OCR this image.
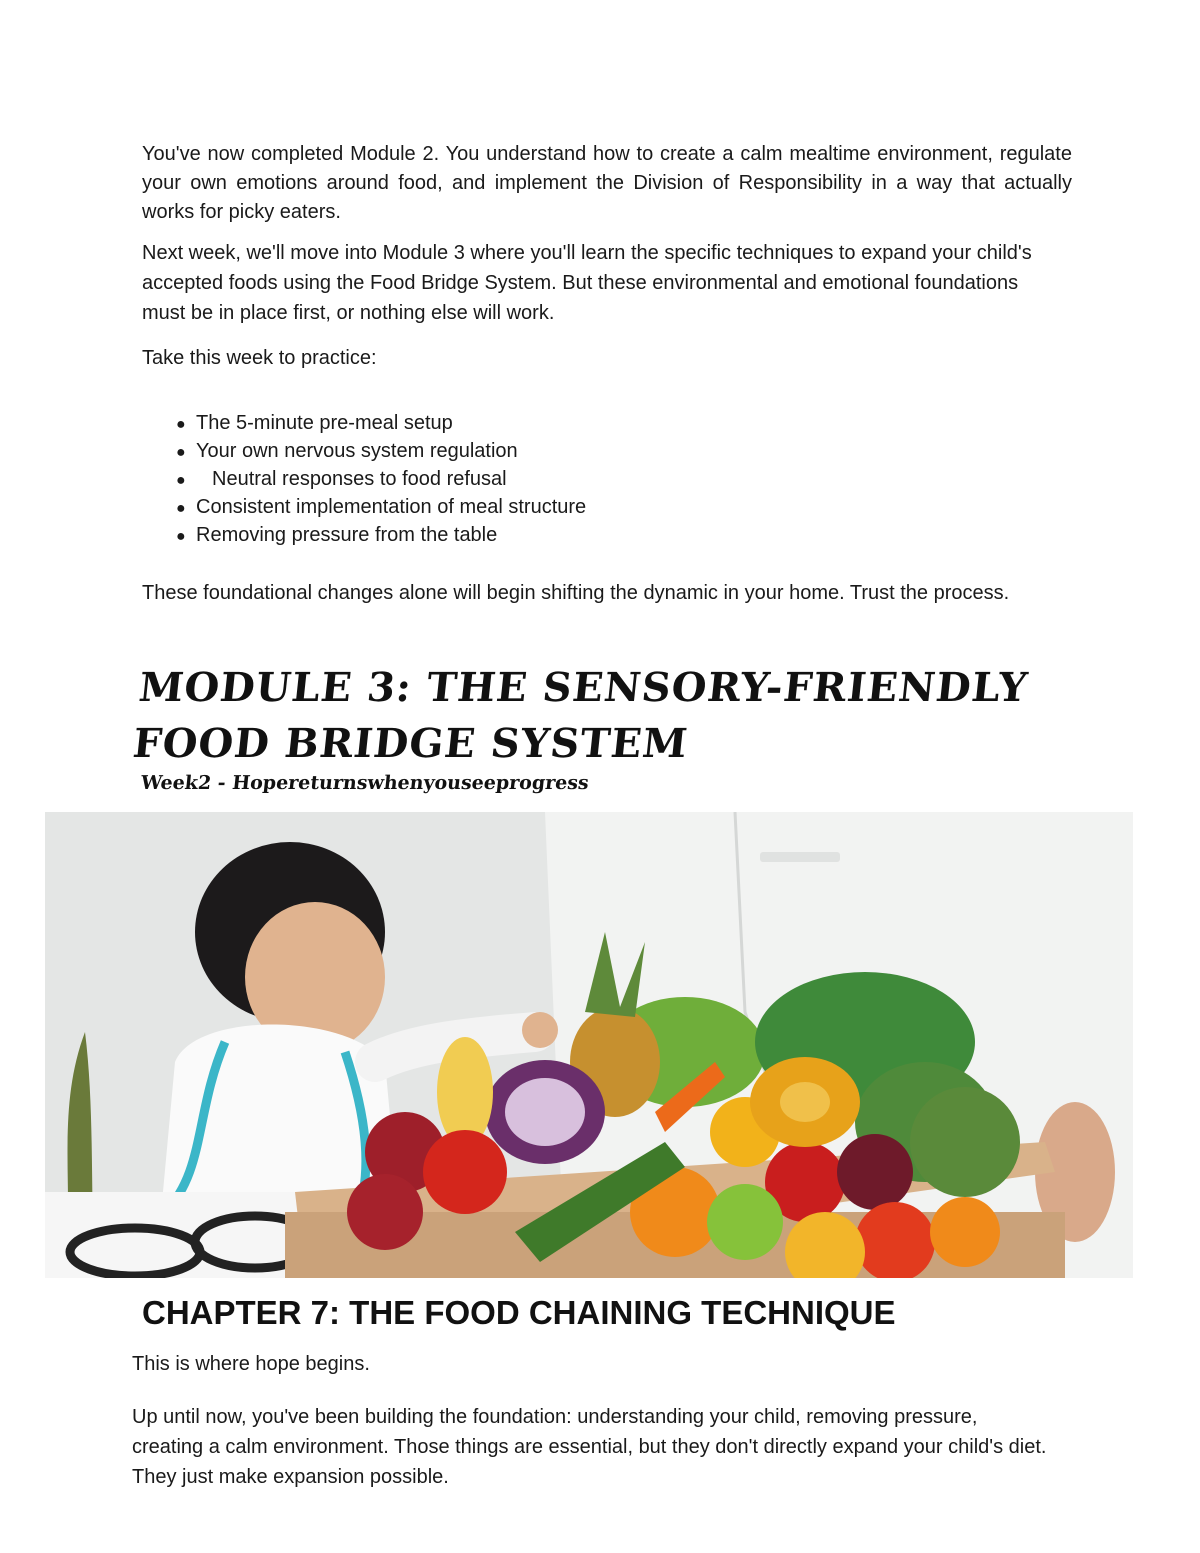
You've now completed Module 2. You understand how to create a calm mealtime environment, regulate your own emotions around food, and implement the Division of Responsibility in a way that actually works for picky eaters.

Next week, we'll move into Module 3 where you'll learn the specific techniques to expand your child's accepted foods using the Food Bridge System. But these environmental and emotional foundations must be in place first, or nothing else will work.

Take this week to practice:

● The 5-minute pre-meal setup
● Your own nervous system regulation
●	Neutral responses to food refusal
● Consistent implementation of meal structure
● Removing pressure from the table

These foundational changes alone will begin shifting the dynamic in your home. Trust the process.

MODULE 3: THE SENSORY-FRIENDLY
FOOD BRIDGE SYSTEM

Week2 - Hopereturnswhenyouseeprogress

CHAPTER 7: THE FOOD CHAINING TECHNIQUE

This is where hope begins.

Up until now, you've been building the foundation: understanding your child, removing pressure, creating a calm environment. Those things are essential, but they don't directly expand your child's diet. They just make expansion possible.
